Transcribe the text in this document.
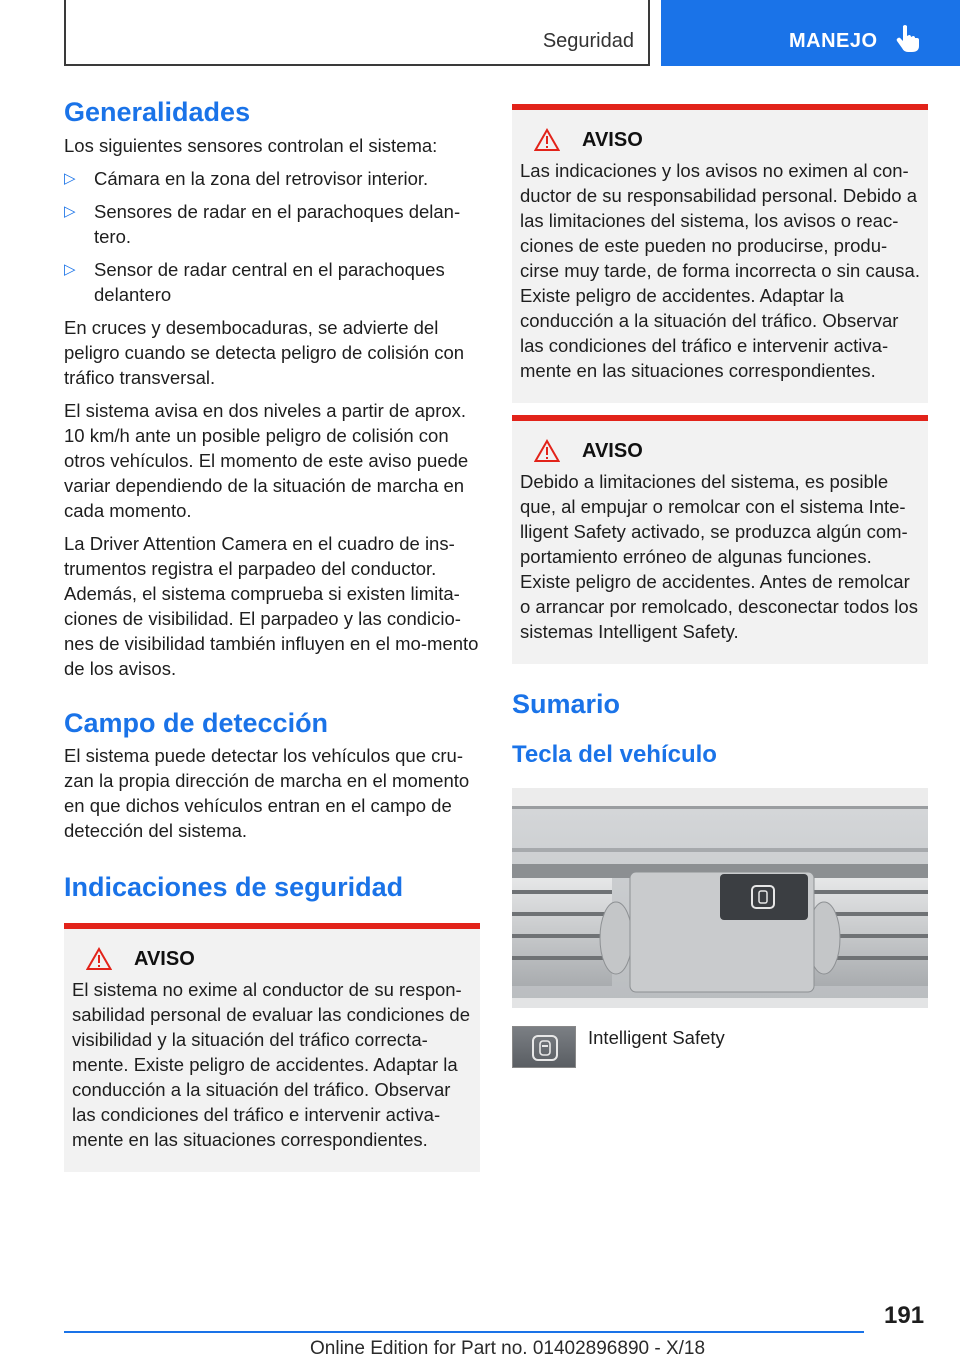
Seguridad	MANEJO
Generalidades

Los siguientes sensores controlan el sistema:

▷ Cámara en la zona del retrovisor interior.
▷ Sensores de radar en el parachoques delan‐tero.
▷ Sensor de radar central en el parachoques delantero

En cruces y desembocaduras, se advierte del peligro cuando se detecta peligro de colisión con tráfico transversal.

El sistema avisa en dos niveles a partir de aprox. 10 km/h ante un posible peligro de colisión con otros vehículos. El momento de este aviso puede variar dependiendo de la situación de marcha en cada momento.

La Driver Attention Camera en el cuadro de ins‐trumentos registra el parpadeo del conductor. Además, el sistema comprueba si existen limita‐ciones de visibilidad. El parpadeo y las condicio‐nes de visibilidad también influyen en el mo‐mento de los avisos.

Campo de detección

El sistema puede detectar los vehículos que cru‐zan la propia dirección de marcha en el momento en que dichos vehículos entran en el campo de detección del sistema.

Indicaciones de seguridad
AVISO

El sistema no exime al conductor de su respon‐sabilidad personal de evaluar las condiciones de visibilidad y la situación del tráfico correcta‐mente. Existe peligro de accidentes. Adaptar la conducción a la situación del tráfico. Observar las condiciones del tráfico e intervenir activa‐mente en las situaciones correspondientes.

AVISO

Las indicaciones y los avisos no eximen al con‐ductor de su responsabilidad personal. Debido a las limitaciones del sistema, los avisos o reac‐ciones de este pueden no producirse, produ‐cirse muy tarde, de forma incorrecta o sin causa. Existe peligro de accidentes. Adaptar la conducción a la situación del tráfico. Observar las condiciones del tráfico e intervenir activa‐mente en las situaciones correspondientes.

AVISO

Debido a limitaciones del sistema, es posible que, al empujar o remolcar con el sistema Inte‐lligent Safety activado, se produzca algún com‐portamiento erróneo de algunas funciones. Existe peligro de accidentes. Antes de remolcar o arrancar por remolcado, desconectar todos los sistemas Intelligent Safety.

Sumario
Tecla del vehículo
Intelligent Safety
191
Online Edition for Part no. 01402896890 - X/18
